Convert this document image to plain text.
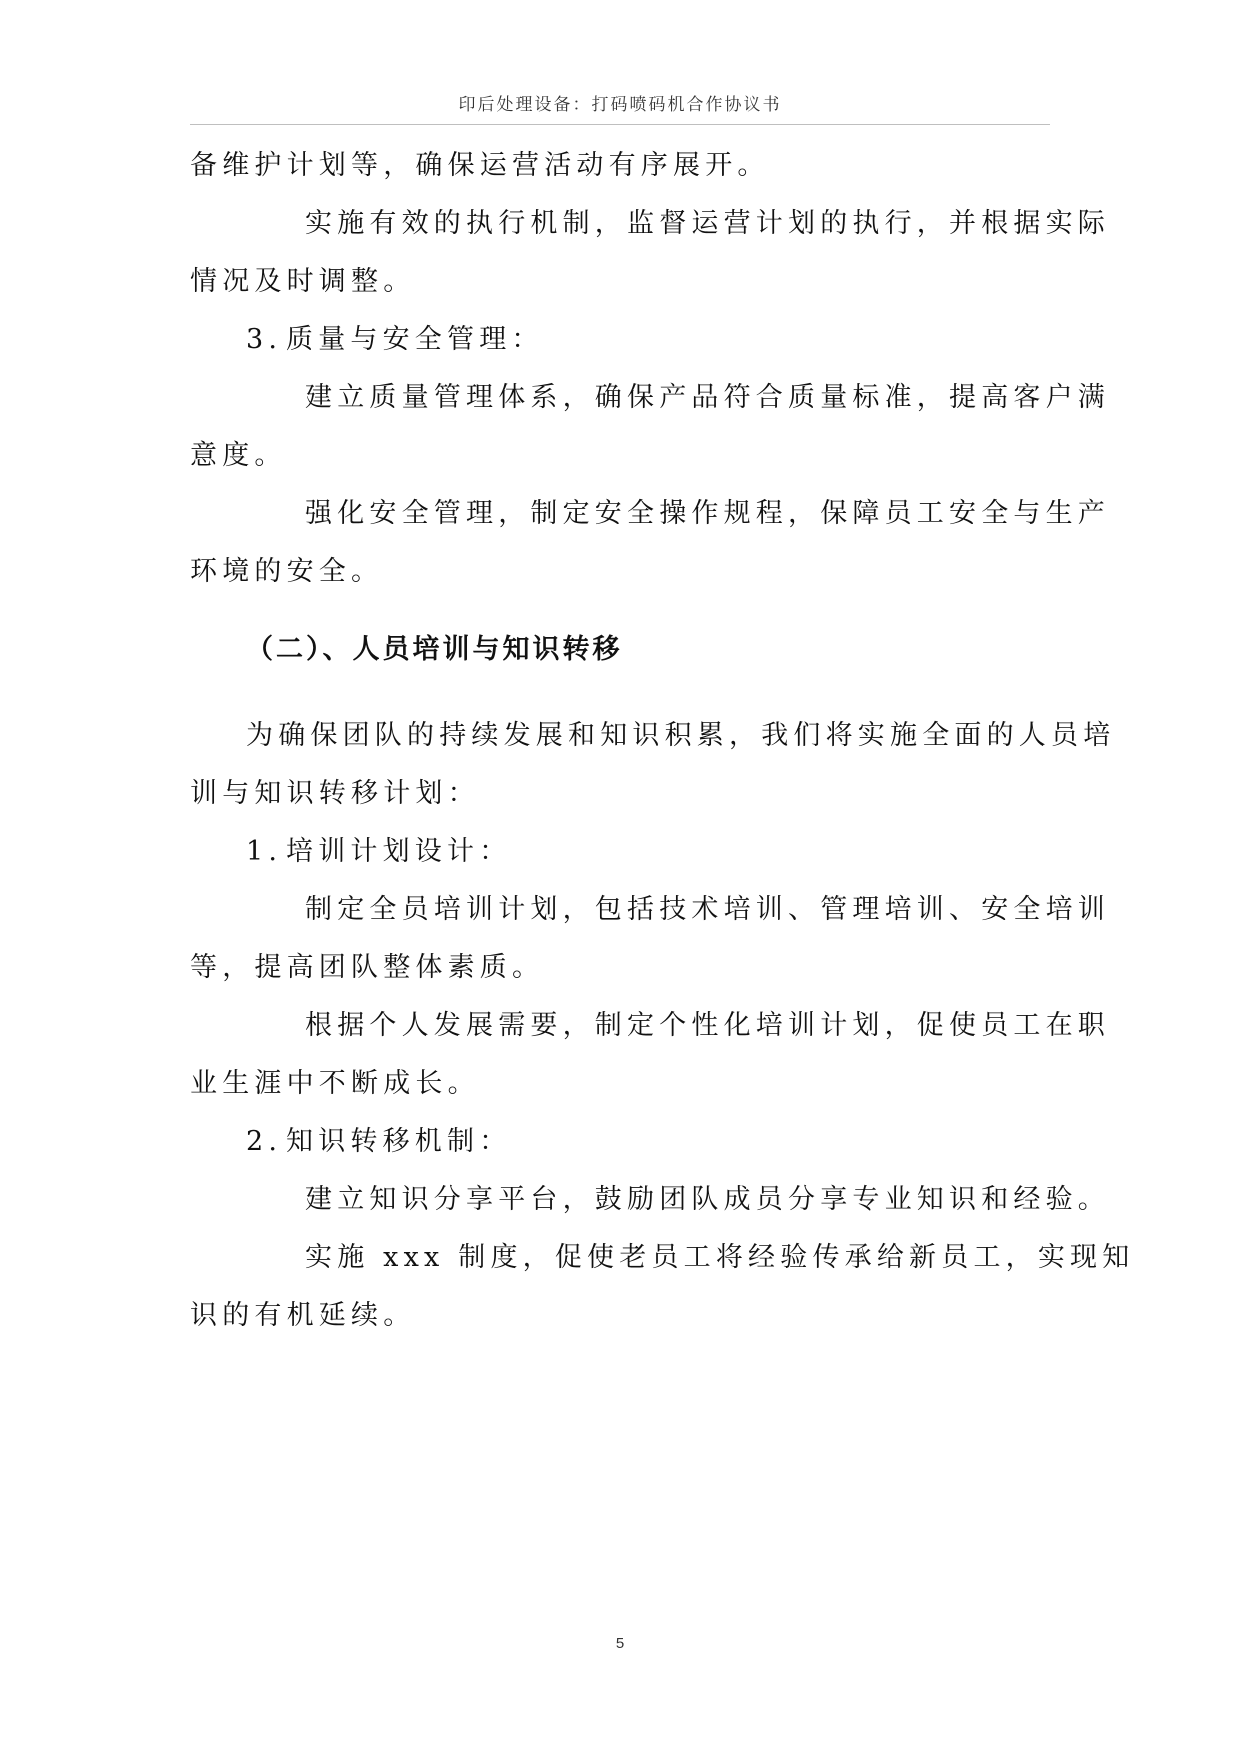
印后处理设备：打码喷码机合作协议书

备维护计划等，确保运营活动有序展开。

实施有效的执行机制，监督运营计划的执行，并根据实际

情况及时调整。

3. 质量与安全管理：

建立质量管理体系，确保产品符合质量标准，提高客户满

意度。

强化安全管理，制定安全操作规程，保障员工安全与生产

环境的安全。

（二）、人员培训与知识转移

为确保团队的持续发展和知识积累，我们将实施全面的人员培

训与知识转移计划：

1. 培训计划设计：

制定全员培训计划，包括技术培训、管理培训、安全培训

等，提高团队整体素质。

根据个人发展需要，制定个性化培训计划，促使员工在职

业生涯中不断成长。

2. 知识转移机制：

建立知识分享平台，鼓励团队成员分享专业知识和经验。

实施 xxx 制度，促使老员工将经验传承给新员工，实现知

识的有机延续。

5
